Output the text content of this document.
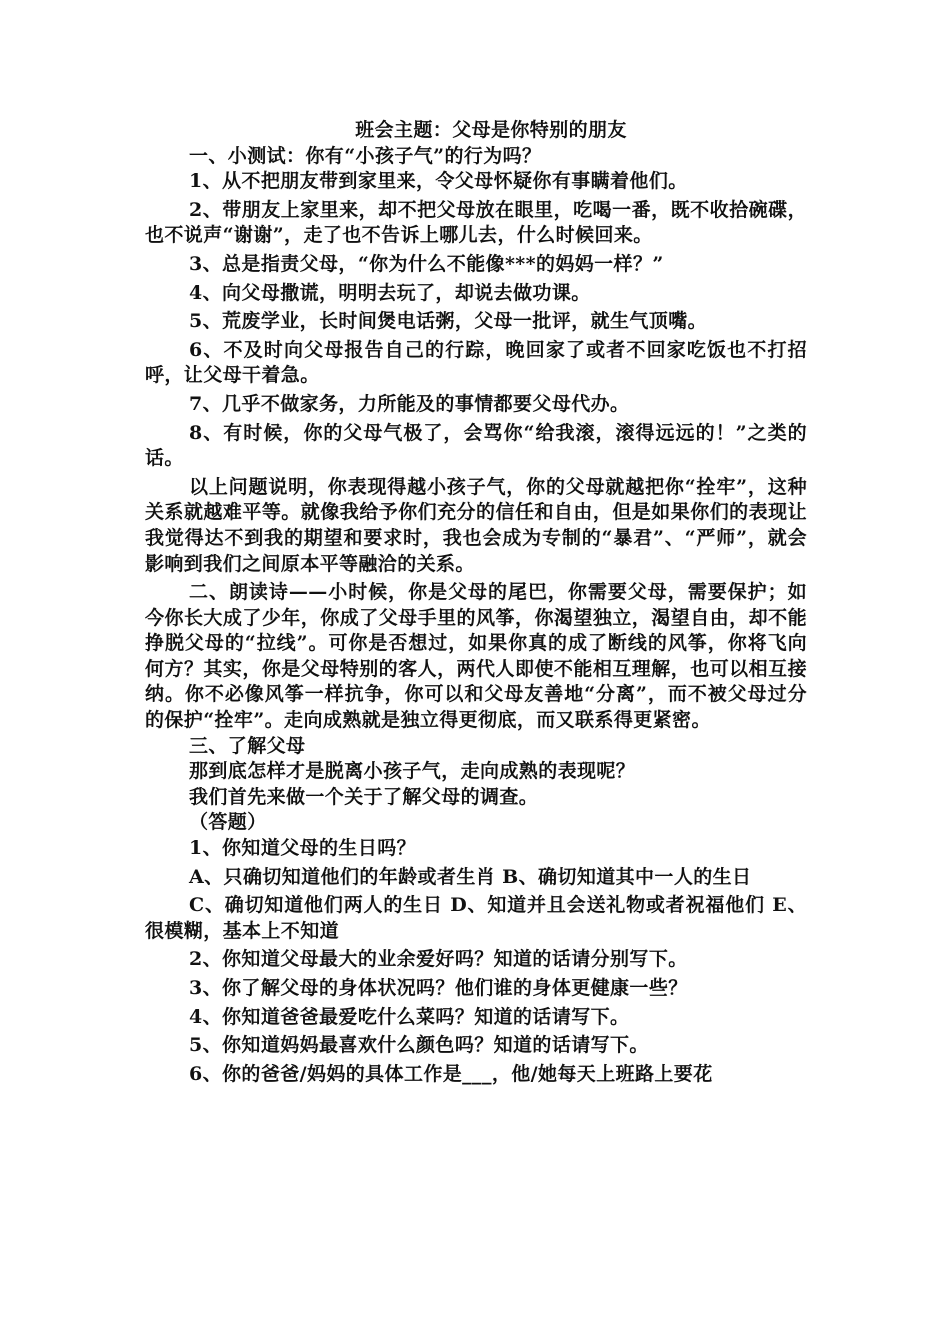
班会主题：父母是你特别的朋友

一、小测试：你有“小孩子气”的行为吗？

1、从不把朋友带到家里来，令父母怀疑你有事瞒着他们。

2、带朋友上家里来，却不把父母放在眼里，吃喝一番，既不收拾碗碟，也不说声“谢谢”，走了也不告诉上哪儿去，什么时候回来。

3、总是指责父母，“你为什么不能像***的妈妈一样？”

4、向父母撒谎，明明去玩了，却说去做功课。

5、荒废学业，长时间煲电话粥，父母一批评，就生气顶嘴。

6、不及时向父母报告自己的行踪，晚回家了或者不回家吃饭也不打招呼，让父母干着急。

7、几乎不做家务，力所能及的事情都要父母代办。

8、有时候，你的父母气极了，会骂你“给我滚，滚得远远的！”之类的话。

以上问题说明，你表现得越小孩子气，你的父母就越把你“拴牢”，这种关系就越难平等。就像我给予你们充分的信任和自由，但是如果你们的表现让我觉得达不到我的期望和要求时，我也会成为专制的“暴君”、“严师”，就会影响到我们之间原本平等融洽的关系。

二、朗读诗——小时候，你是父母的尾巴，你需要父母，需要保护；如今你长大成了少年，你成了父母手里的风筝，你渴望独立，渴望自由，却不能挣脱父母的“拉线”。可你是否想过，如果你真的成了断线的风筝，你将飞向何方？其实，你是父母特别的客人，两代人即使不能相互理解，也可以相互接纳。你不必像风筝一样抗争，你可以和父母友善地“分离”，而不被父母过分的保护“拴牢”。走向成熟就是独立得更彻底，而又联系得更紧密。

三、了解父母

那到底怎样才是脱离小孩子气，走向成熟的表现呢？

我们首先来做一个关于了解父母的调查。

（答题）

1、你知道父母的生日吗？

A、只确切知道他们的年龄或者生肖 B、确切知道其中一人的生日

C、确切知道他们两人的生日 D、知道并且会送礼物或者祝福他们 E、很模糊，基本上不知道

2、你知道父母最大的业余爱好吗？知道的话请分别写下。

3、你了解父母的身体状况吗？他们谁的身体更健康一些？

4、你知道爸爸最爱吃什么菜吗？知道的话请写下。

5、你知道妈妈最喜欢什么颜色吗？知道的话请写下。

6、你的爸爸/妈妈的具体工作是___，他/她每天上班路上要花
